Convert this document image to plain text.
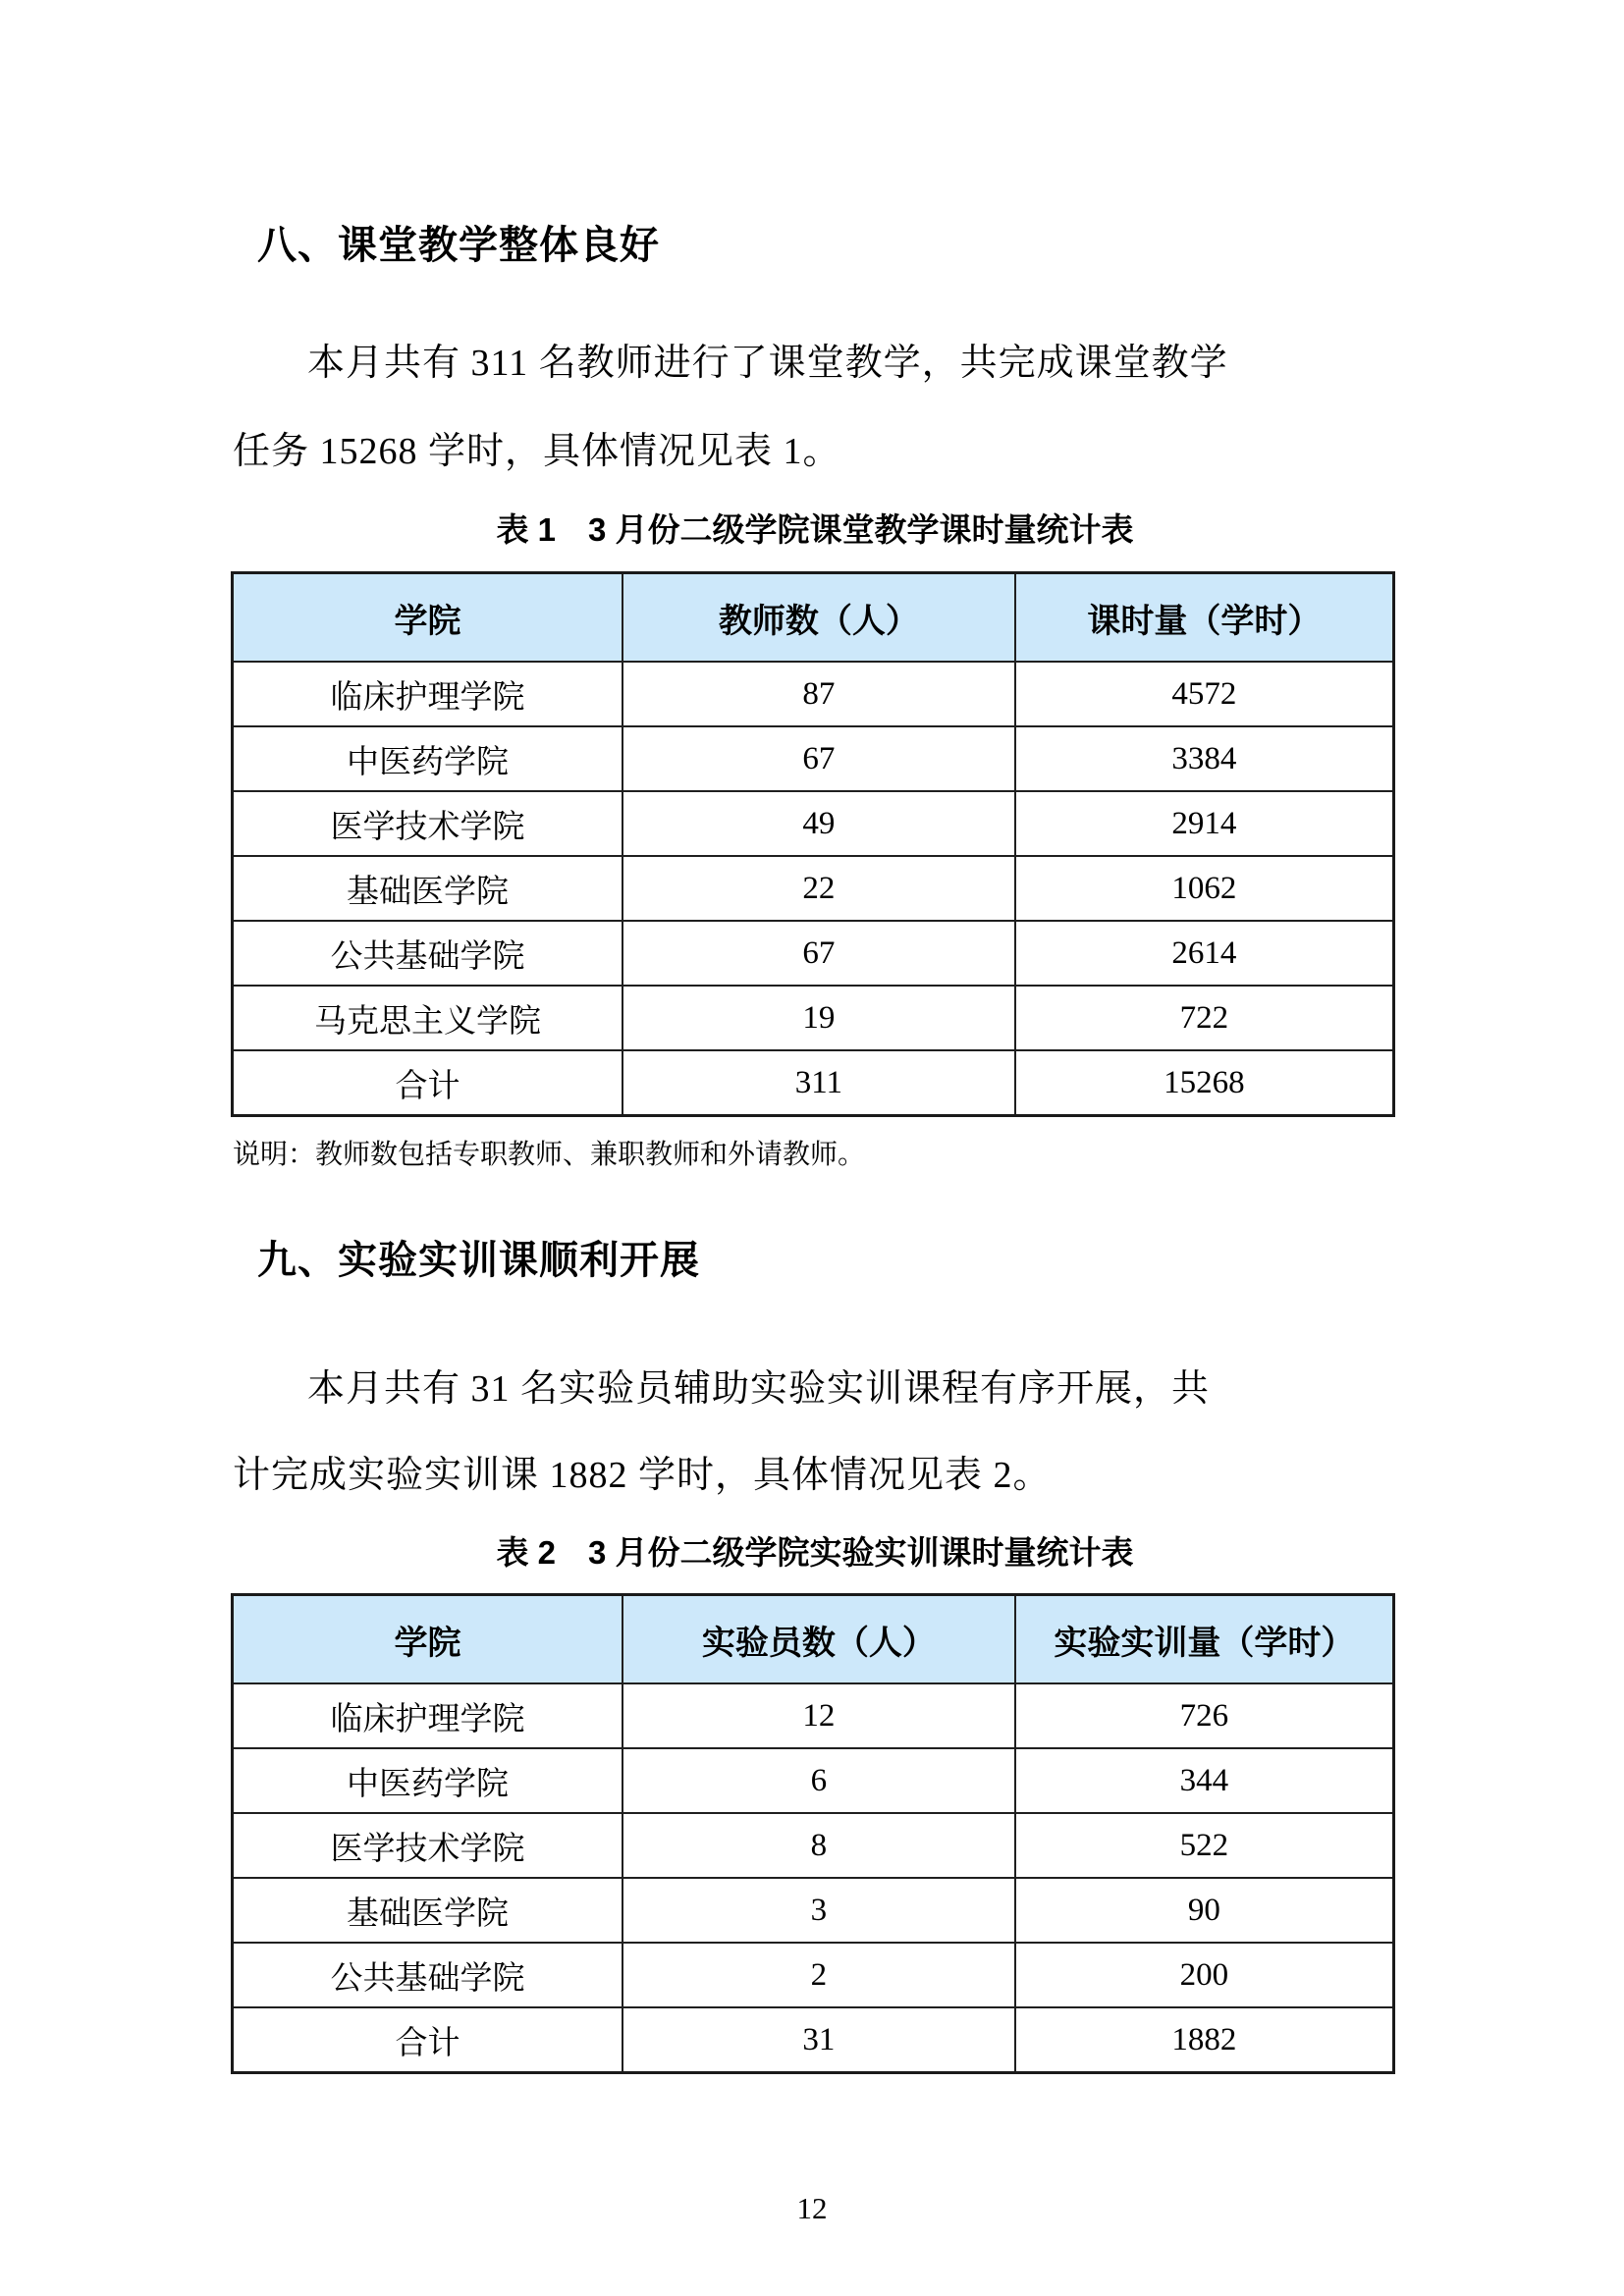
八、课堂教学整体良好
本月共有 311 名教师进行了课堂教学，共完成课堂教学
任务 15268 学时，具体情况见表 1。
表 1　3 月份二级学院课堂教学课时量统计表
学院	教师数（人）	课时量（学时）
临床护理学院	87	4572
中医药学院	67	3384
医学技术学院	49	2914
基础医学院	22	1062
公共基础学院	67	2614
马克思主义学院	19	722
合计	311	15268
说明：教师数包括专职教师、兼职教师和外请教师。
九、实验实训课顺利开展
本月共有 31 名实验员辅助实验实训课程有序开展，共
计完成实验实训课 1882 学时，具体情况见表 2。
表 2　3 月份二级学院实验实训课时量统计表
学院	实验员数（人）	实验实训量（学时）
临床护理学院	12	726
中医药学院	6	344
医学技术学院	8	522
基础医学院	3	90
公共基础学院	2	200
合计	31	1882
12
